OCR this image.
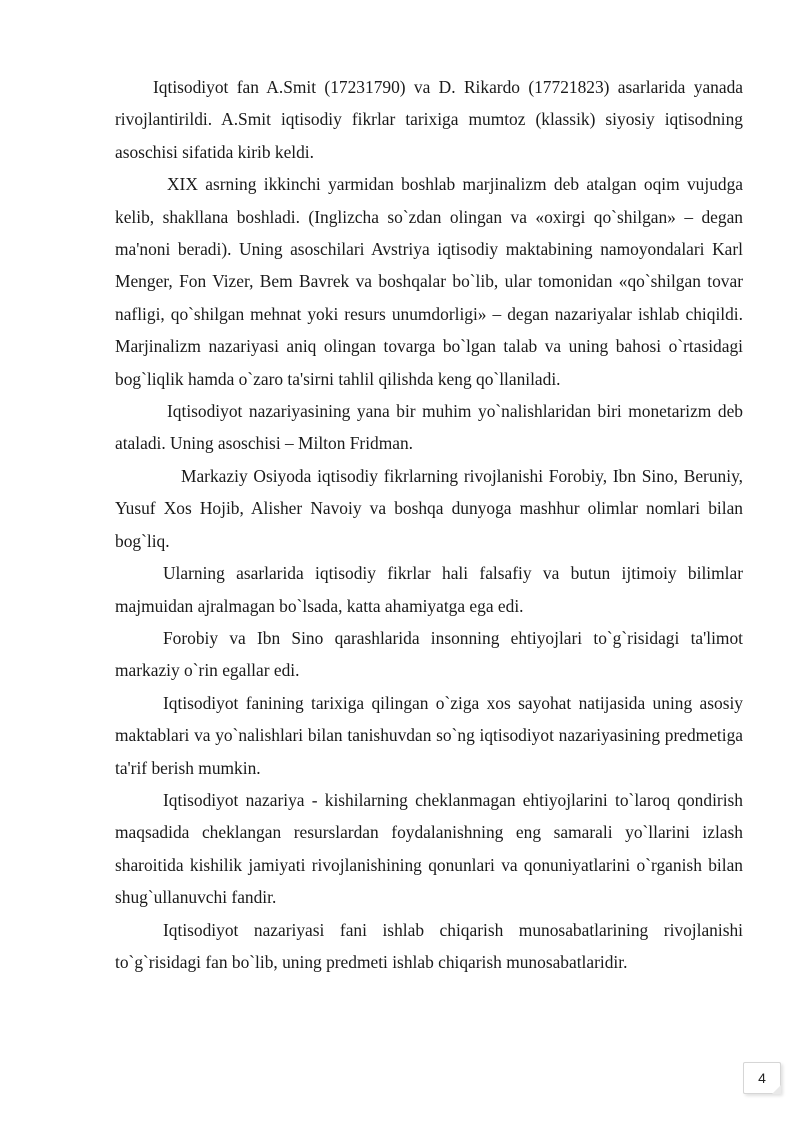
Iqtisodiyot fan A.Smit (17231790) va D. Rikardo (17721823) asarlarida yanada rivojlantirildi. A.Smit iqtisodiy fikrlar tarixiga mumtoz (klassik) siyosiy iqtisodning asoschisi sifatida kirib keldi.

XIX asrning ikkinchi yarmidan boshlab marjinalizm deb atalgan oqim vujudga kelib, shakllana boshladi. (Inglizcha so`zdan olingan va «oxirgi qo`shilgan» – degan ma'noni beradi). Uning asoschilari Avstriya iqtisodiy maktabining namoyondalari Karl Menger, Fon Vizer, Bem Bavrek va boshqalar bo`lib, ular tomonidan «qo`shilgan tovar nafligi, qo`shilgan mehnat yoki resurs unumdorligi» – degan nazariyalar ishlab chiqildi. Marjinalizm nazariyasi aniq olingan tovarga bo`lgan talab va uning bahosi o`rtasidagi bog`liqlik hamda o`zaro ta'sirni tahlil qilishda keng qo`llaniladi.

Iqtisodiyot nazariyasining yana bir muhim yo`nalishlaridan biri monetarizm deb ataladi. Uning asoschisi – Milton Fridman.

Markaziy Osiyoda iqtisodiy fikrlarning rivojlanishi Forobiy, Ibn Sino, Beruniy, Yusuf Xos Hojib, Alisher Navoiy va boshqa dunyoga mashhur olimlar nomlari bilan bog`liq.

Ularning asarlarida iqtisodiy fikrlar hali falsafiy va butun ijtimoiy bilimlar majmuidan ajralmagan bo`lsada, katta ahamiyatga ega edi.

Forobiy va Ibn Sino qarashlarida insonning ehtiyojlari to`g`risidagi ta'limot markaziy o`rin egallar edi.

Iqtisodiyot fanining tarixiga qilingan o`ziga xos sayohat natijasida uning asosiy maktablari va yo`nalishlari bilan tanishuvdan so`ng iqtisodiyot nazariyasining predmetiga ta'rif berish mumkin.

Iqtisodiyot nazariya - kishilarning cheklanmagan ehtiyojlarini to`laroq qondirish maqsadida cheklangan resurslardan foydalanishning eng samarali yo`llarini izlash sharoitida kishilik jamiyati rivojlanishining qonunlari va qonuniyatlarini o`rganish bilan shug`ullanuvchi fandir.

Iqtisodiyot nazariyasi fani ishlab chiqarish munosabatlarining rivojlanishi to`g`risidagi fan bo`lib, uning predmeti ishlab chiqarish munosabatlaridir.

4
